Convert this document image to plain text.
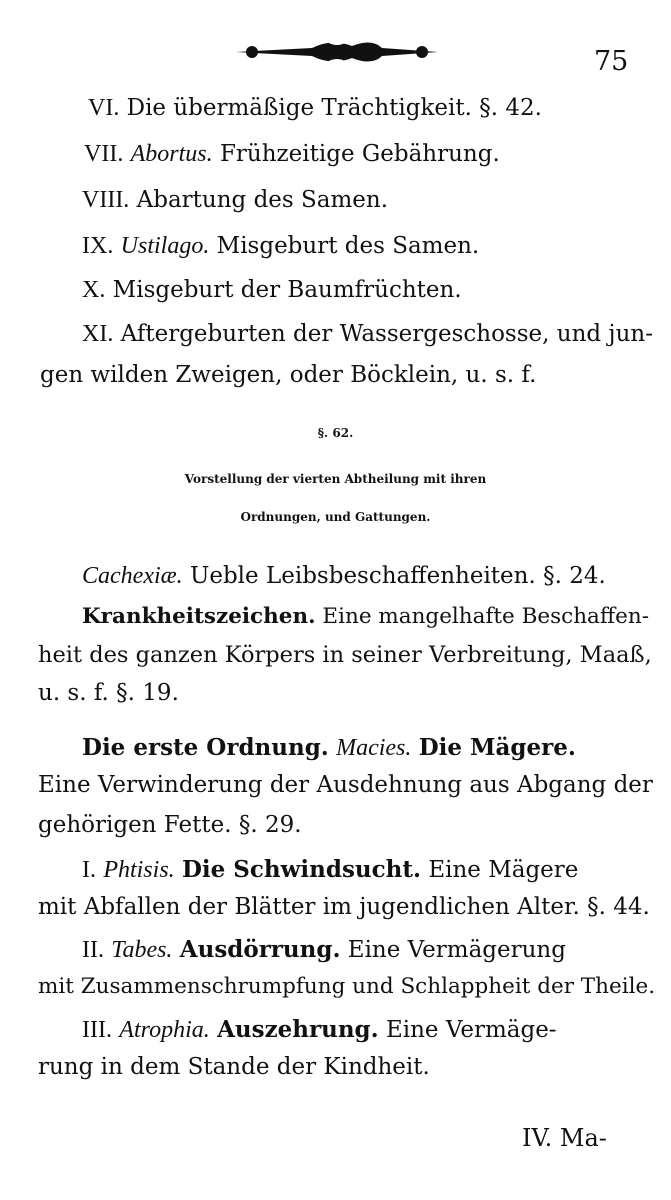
75
VI. Die übermäßige Trächtigkeit. §. 42.
VII. Abortus. Frühzeitige Gebährung.
VIII. Abartung des Samen.
IX. Ustilago. Misgeburt des Samen.
X. Misgeburt der Baumfrüchten.
XI. Aftergeburten der Wassergeschosse, und jun-
gen wilden Zweigen, oder Böcklein, u. s. f.
§. 62.
Vorstellung der vierten Abtheilung mit ihren
Ordnungen, und Gattungen.
Cachexiæ. Ueble Leibsbeschaffenheiten. §. 24.
Krankheitszeichen. Eine mangelhafte Beschaffen-
heit des ganzen Körpers in seiner Verbreitung, Maaß,
u. s. f. §. 19.
Die erste Ordnung. Macies. Die Mägere.
Eine Verwinderung der Ausdehnung aus Abgang der
gehörigen Fette. §. 29.
I. Phtisis. Die Schwindsucht. Eine Mägere
mit Abfallen der Blätter im jugendlichen Alter. §. 44.
II. Tabes. Ausdörrung. Eine Vermägerung
mit Zusammenschrumpfung und Schlappheit der Theile.
III. Atrophia. Auszehrung. Eine Vermäge-
rung in dem Stande der Kindheit.
IV. Ma-
